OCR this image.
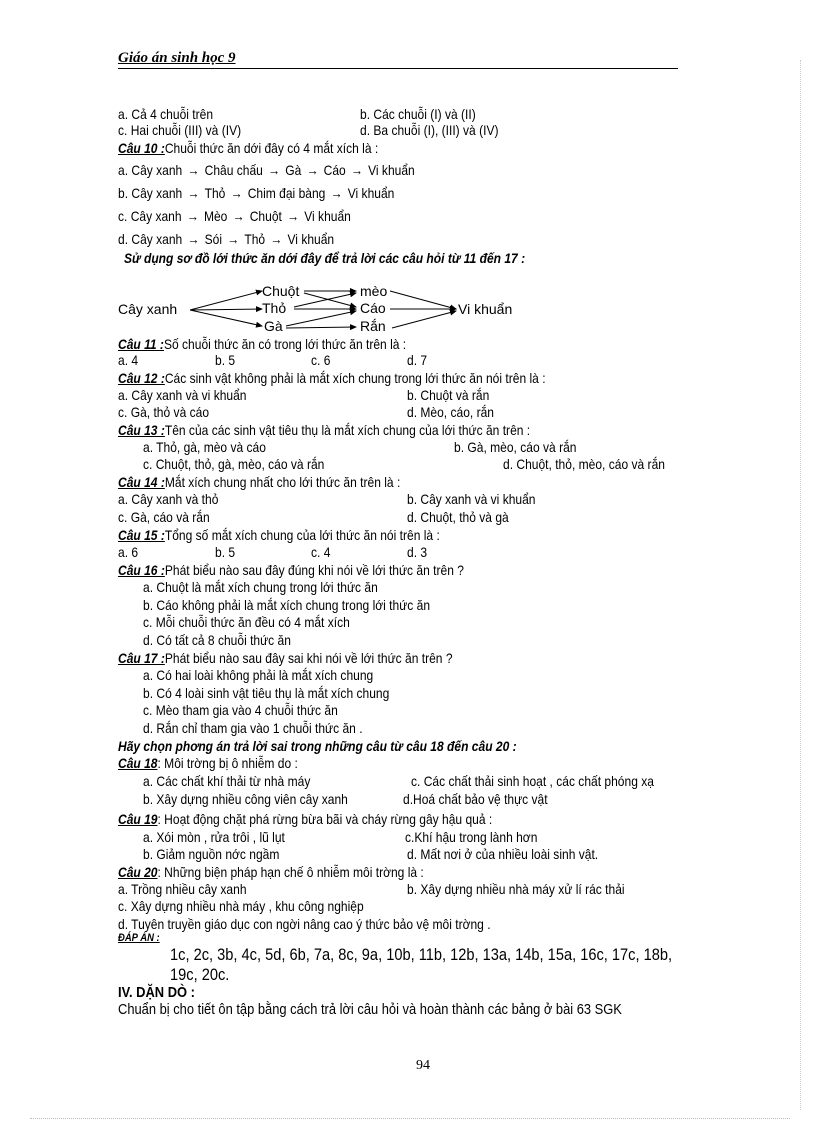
Giáo án sinh học 9
a. Cả 4 chuỗi trên	b. Các chuỗi (I) và (II)
c. Hai chuỗi (III) và (IV)	d. Ba chuỗi (I), (III) và (IV)
Câu 10 :Chuỗi thức ăn dới đây có 4 mắt xích là :
a. Cây xanh → Châu chấu → Gà → Cáo → Vi khuẩn
b. Cây xanh → Thỏ → Chim đại bàng → Vi khuẩn
c. Cây xanh → Mèo → Chuột → Vi khuẩn
d. Cây xanh → Sói → Thỏ → Vi khuẩn
Sử dụng sơ đồ lới thức ăn dới đây để trả lời các câu hỏi từ 11 đến 17 :
Cây xanh
Chuột
Thỏ
Gà
mèo
Cáo
Rắn
Vi khuẩn
Câu 11 :Số chuỗi thức ăn có trong lới thức ăn trên là :
a. 4	b. 5	c. 6	d. 7
Câu 12 :Các sinh vật không phải là mắt xích chung trong lới thức ăn nói trên là :
a. Cây xanh và vi khuẩn	b. Chuột và rắn
c. Gà, thỏ và cáo	d. Mèo, cáo, rắn
Câu 13 :Tên của các sinh vật tiêu thụ là mắt xích chung của lới thức ăn trên :
a. Thỏ, gà, mèo và cáo	b. Gà, mèo, cáo và rắn
c. Chuột, thỏ, gà, mèo, cáo và rắn	d. Chuột, thỏ, mèo, cáo và rắn
Câu 14 :Mắt xích chung nhất cho lới thức ăn trên là :
a. Cây xanh và thỏ	b. Cây xanh và vi khuẩn
c. Gà, cáo và rắn	d. Chuột, thỏ và gà
Câu 15 :Tổng số mắt xích chung của lới thức ăn nói trên là :
a. 6	b. 5	c. 4	d. 3
Câu 16 :Phát biểu nào sau đây đúng khi nói về lới thức ăn trên ?
a. Chuột là mắt xích chung trong lới thức ăn
b. Cáo không phải là mắt xích chung trong lới thức ăn
c. Mỗi chuỗi thức ăn đều có 4 mắt xích
d. Có tất cả 8 chuỗi thức ăn
Câu 17 :Phát biểu nào sau đây sai khi nói về lới thức ăn trên ?
a. Có hai loài không phải là mắt xích chung
b. Có 4 loài sinh vật tiêu thụ là mắt xích chung
c. Mèo tham gia vào 4 chuỗi thức ăn
d. Rắn chỉ tham gia vào 1 chuỗi thức ăn .
Hãy chọn phơng án trả lời sai trong những câu từ câu 18 đến câu 20 :
Câu 18: Môi trờng bị ô nhiễm do :
a. Các chất khí thải từ nhà máy	c. Các chất thải sinh hoạt , các chất phóng xạ
b. Xây dựng nhiều công viên cây xanh	d.Hoá chất bảo vệ thực vật
Câu 19: Hoạt động chặt phá rừng bừa bãi và cháy rừng gây hậu quả :
a. Xói mòn , rửa trôi , lũ lụt	c.Khí hậu trong lành hơn
b. Giảm nguồn nớc ngầm	d. Mất nơi ở của nhiều loài sinh vật.
Câu 20: Những biện pháp hạn chế ô nhiễm môi trờng là :
a. Trồng nhiều cây xanh	b. Xây dựng nhiều nhà máy xử lí rác thải
c. Xây dựng nhiều nhà máy , khu công nghiệp
d. Tuyên truyền giáo dục con ngời nâng cao ý thức bảo vệ môi trờng .
ĐÁP ÁN :
1c, 2c, 3b, 4c, 5d, 6b, 7a, 8c, 9a, 10b, 11b, 12b, 13a, 14b, 15a, 16c, 17c, 18b,
19c, 20c.
IV. DẶN DÒ :
Chuẩn bị cho tiết ôn tập bằng cách trả lời câu hỏi và hoàn thành các bảng ở bài 63 SGK
94
